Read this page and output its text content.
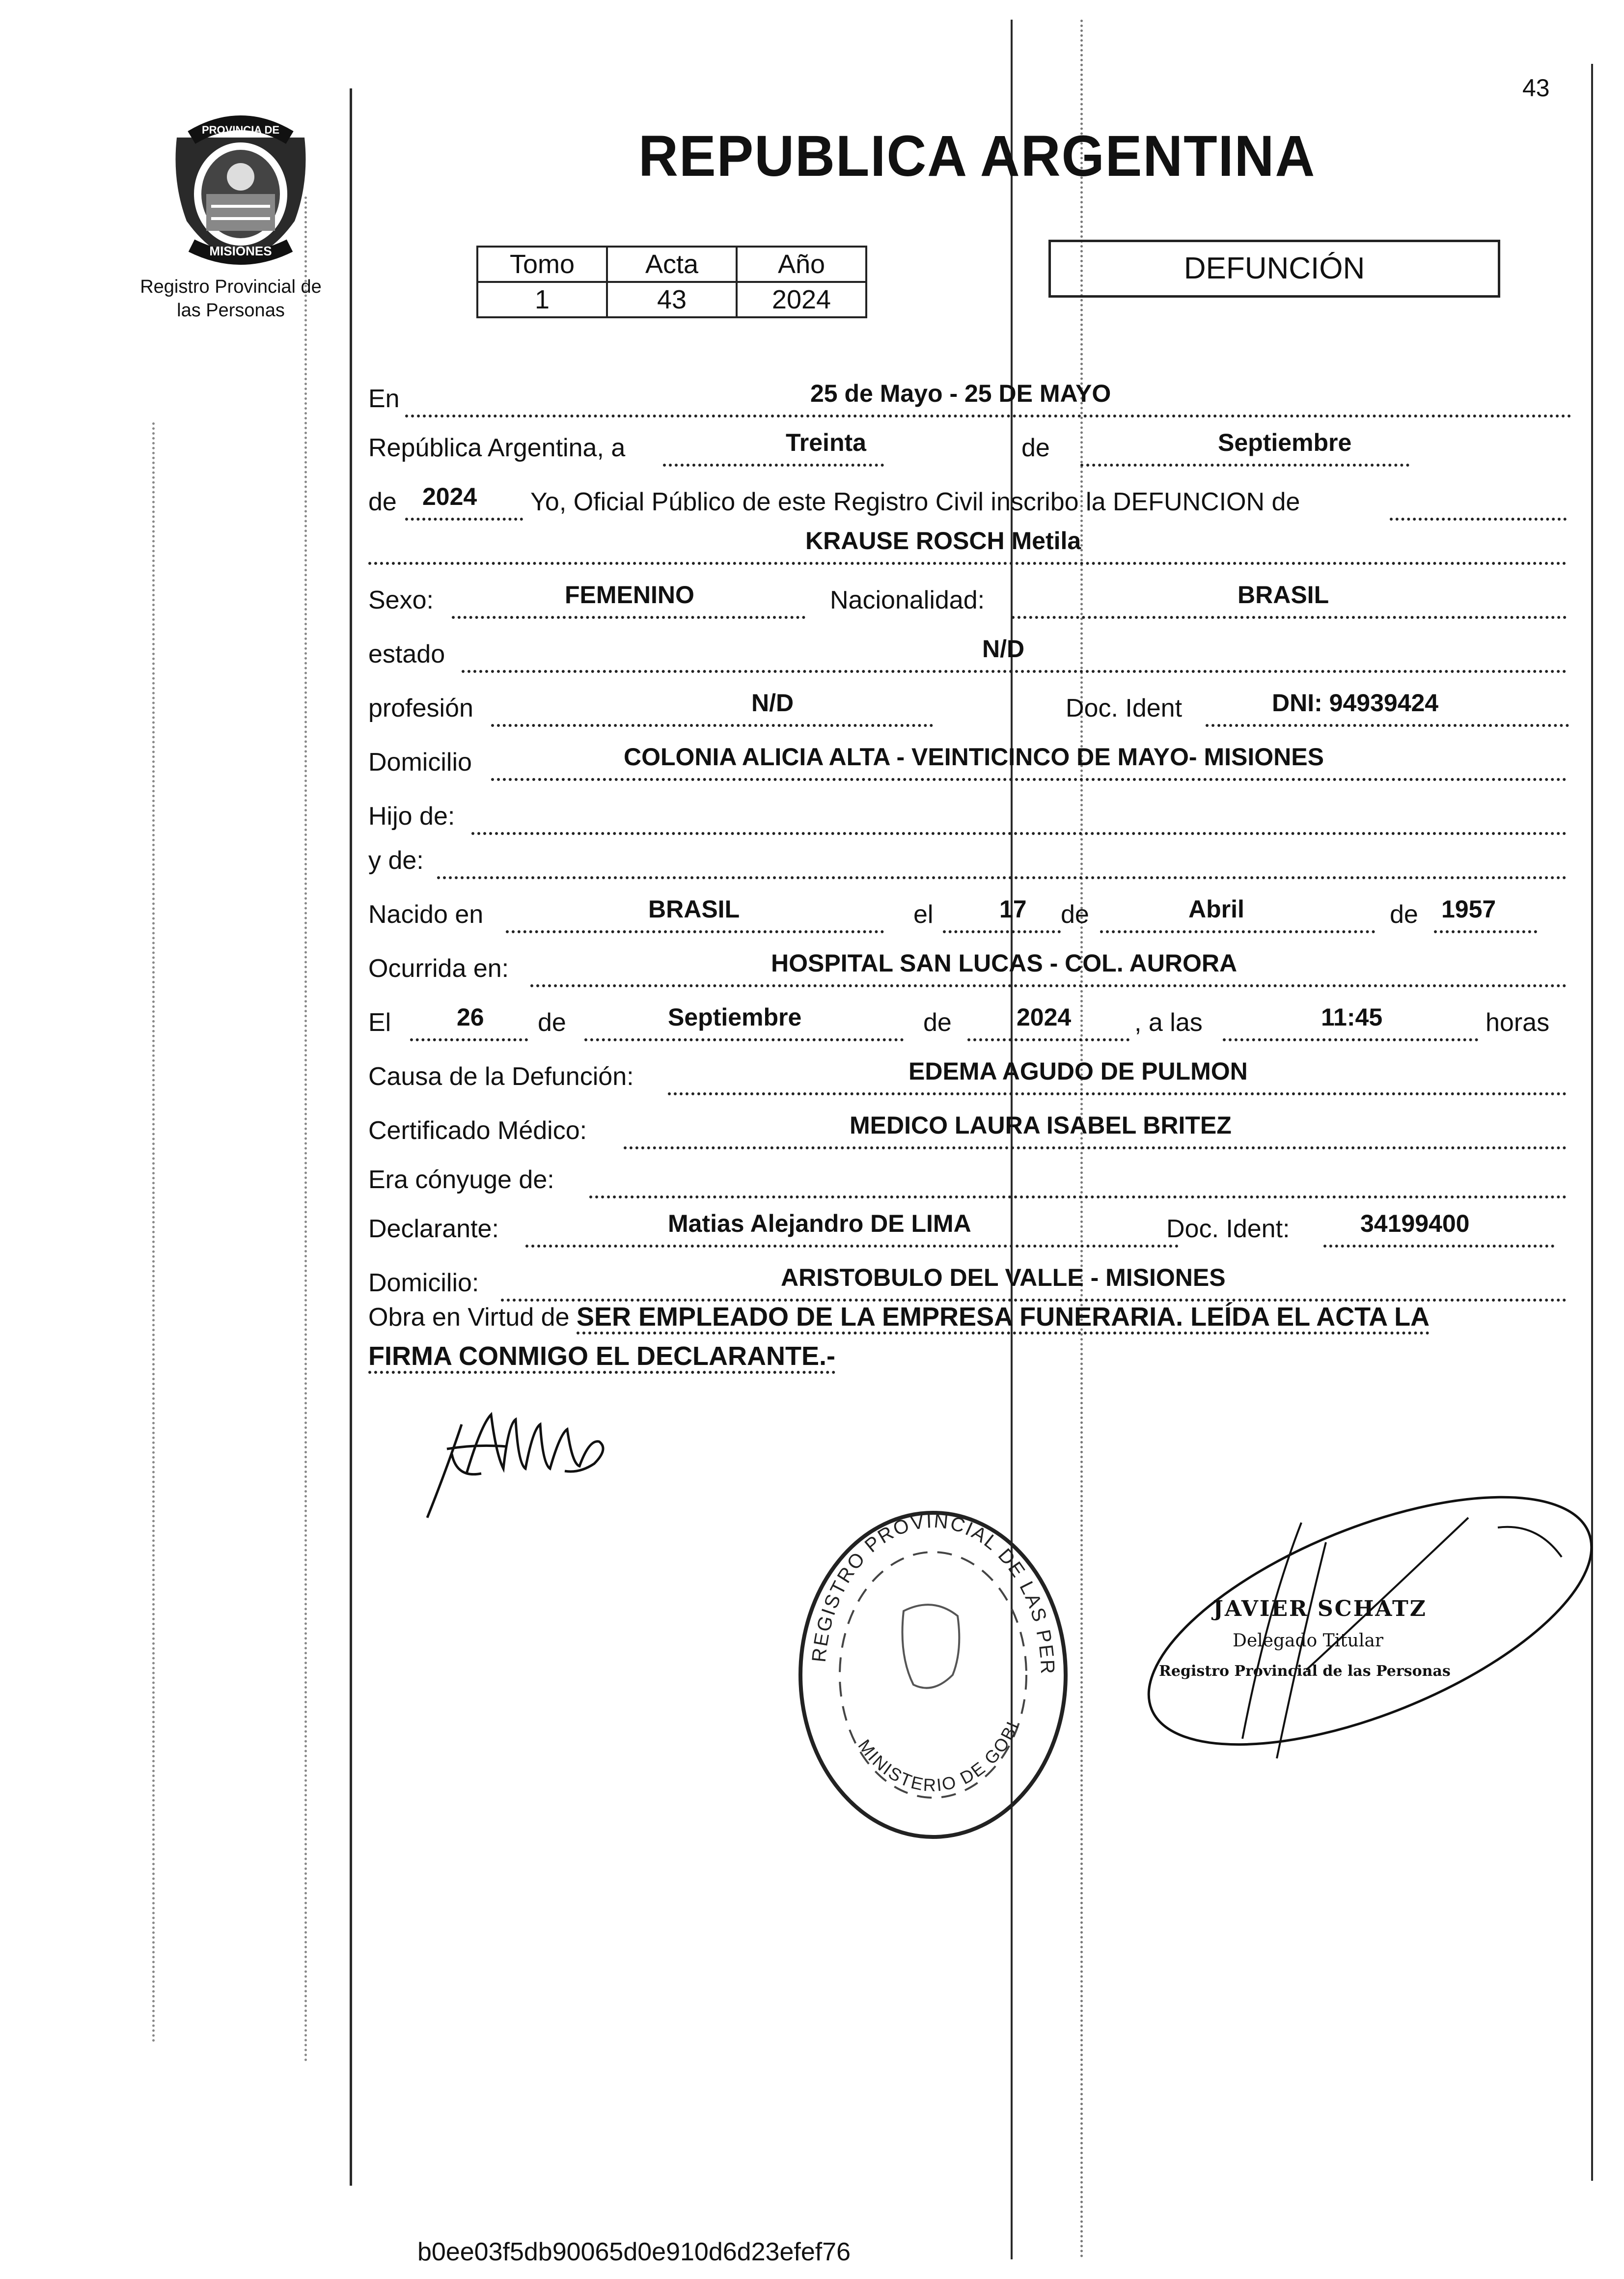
43
PROVINCIA DE
MISIONES
Registro Provincial de
las Personas
REPUBLICA ARGENTINA
Tomo	Acta	Año
1	43	2024
DEFUNCIÓN
En	25 de Mayo - 25 DE MAYO
República Argentina, a	Treinta	de	Septiembre
de 2024 Yo, Oficial Público de este Registro Civil inscribo la DEFUNCION de
KRAUSE ROSCH Metila
Sexo:	FEMENINO	Nacionalidad:	BRASIL
estado	N/D
profesión	N/D	Doc. Ident	DNI: 94939424
Domicilio	COLONIA ALICIA ALTA - VEINTICINCO DE MAYO- MISIONES
Hijo de:
y de:
Nacido en	BRASIL	el	17 de	Abril	de 1957
Ocurrida en:	HOSPITAL SAN LUCAS - COL. AURORA
El	26 de	Septiembre	de	2024 , a las	11:45	horas
Causa de la Defunción:	EDEMA AGUDO DE PULMON
Certificado Médico:	MEDICO LAURA ISABEL BRITEZ
Era cónyuge de:
Declarante:	Matias Alejandro DE LIMA	Doc. Ident:	34199400
Domicilio:	ARISTOBULO DEL VALLE - MISIONES
Obra en Virtud de SER EMPLEADO DE LA EMPRESA FUNERARIA. LEÍDA EL ACTA LA
FIRMA CONMIGO EL DECLARANTE.-
REGISTRO PROVINCIAL DE LAS PER
MINISTERIO DE GOBI
JAVIER SCHATZ
Delegado Titular
Registro Provincial de las Personas
b0ee03f5db90065d0e910d6d23efef76
